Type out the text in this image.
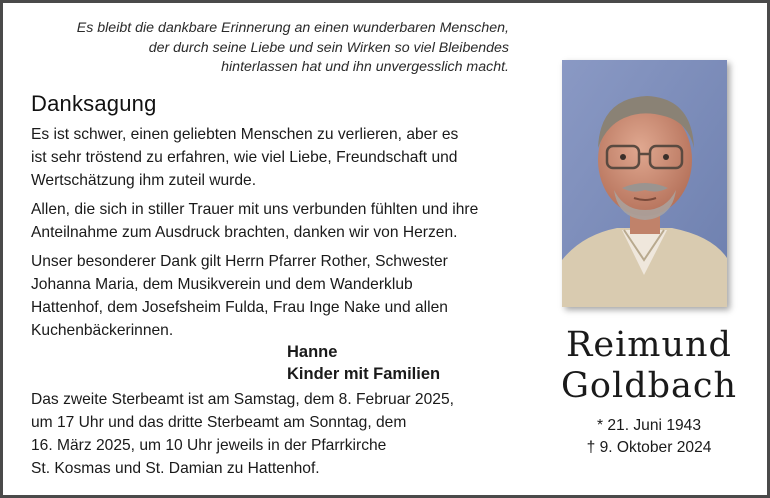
Es bleibt die dankbare Erinnerung an einen wunderbaren Menschen,
der durch seine Liebe und sein Wirken so viel Bleibendes
hinterlassen hat und ihn unvergesslich macht.
Danksagung

Es ist schwer, einen geliebten Menschen zu verlieren, aber es
ist sehr tröstend zu erfahren, wie viel Liebe, Freundschaft und
Wertschätzung ihm zuteil wurde.

Allen, die sich in stiller Trauer mit uns verbunden fühlten und ihre
Anteilnahme zum Ausdruck brachten, danken wir von Herzen.

Unser besonderer Dank gilt Herrn Pfarrer Rother, Schwester
Johanna Maria, dem Musikverein und dem Wanderklub
Hattenhof, dem Josefsheim Fulda, Frau Inge Nake und allen
Kuchenbäckerinnen.

Hanne
Kinder mit Familien
Das zweite Sterbeamt ist am Samstag, dem 8. Februar 2025,
um 17 Uhr und das dritte Sterbeamt am Sonntag, dem
16. März 2025, um 10 Uhr jeweils in der Pfarrkirche
St. Kosmas und St. Damian zu Hattenhof.
Reimund
Goldbach
* 21. Juni 1943
† 9. Oktober 2024
